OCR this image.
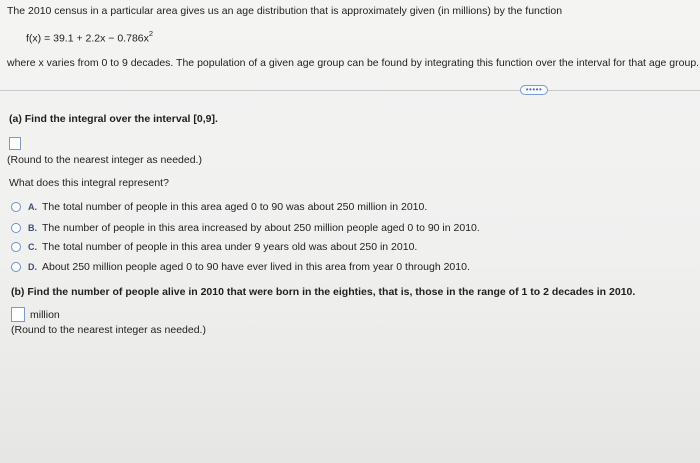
The 2010 census in a particular area gives us an age distribution that is approximately given (in millions) by the function
$f(x) = 39.1 + 2.2x - 0.786x^2$
where x varies from 0 to 9 decades. The population of a given age group can be found by integrating this function over the interval for that age group.
•••••
(a) Find the integral over the interval [0,9].
(Round to the nearest integer as needed.)
What does this integral represent?
A. The total number of people in this area aged 0 to 90 was about 250 million in 2010.
B. The number of people in this area increased by about 250 million people aged 0 to 90 in 2010.
C. The total number of people in this area under 9 years old was about 250 in 2010.
D. About 250 million people aged 0 to 90 have ever lived in this area from year 0 through 2010.
(b) Find the number of people alive in 2010 that were born in the eighties, that is, those in the range of 1 to 2 decades in 2010.
million
(Round to the nearest integer as needed.)
